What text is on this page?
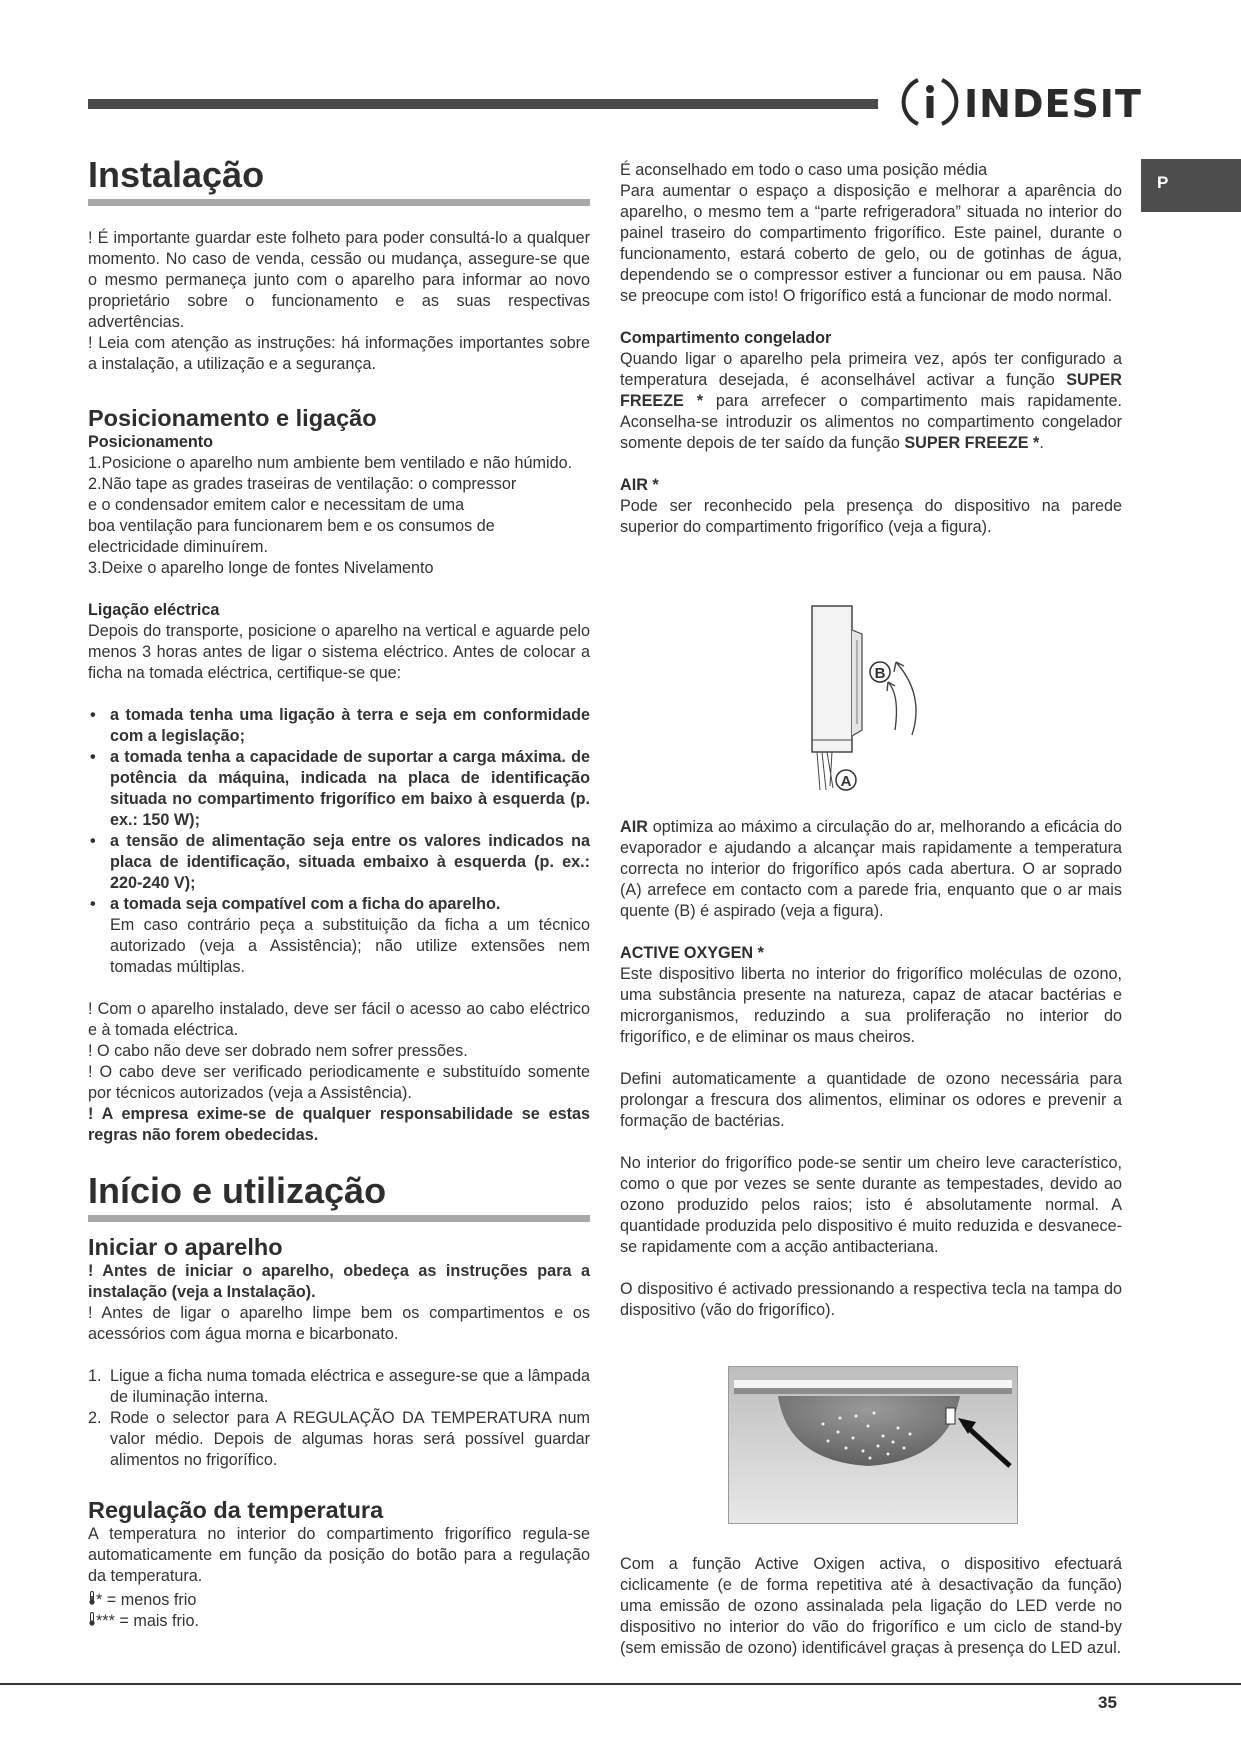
INDESIT
P
Instalação

! É importante guardar este folheto para poder consultá-lo a qualquer momento. No caso de venda, cessão ou mudança, assegure-se que o mesmo permaneça junto com o aparelho para informar ao novo proprietário sobre o funcionamento e as suas respectivas advertências.

! Leia com atenção as instruções: há informações importantes sobre a instalação, a utilização e a segurança.

Posicionamento e ligação
Posicionamento

1.Posicione o aparelho num ambiente bem ventilado e não húmido.

2.Não tape as grades traseiras de ventilação: o compressor

e o condensador emitem calor e necessitam de uma

boa ventilação para funcionarem bem e os consumos de

electricidade diminuírem.

3.Deixe o aparelho longe de fontes Nivelamento

Ligação eléctrica

Depois do transporte, posicione o aparelho na vertical e aguarde pelo menos 3 horas antes de ligar o sistema eléctrico. Antes de colocar a ficha na tomada eléctrica, certifique-se que:

• a tomada tenha uma ligação à terra e seja em conformidade com a legislação;
• a tomada tenha a capacidade de suportar a carga máxima. de potência da máquina, indicada na placa de identificação situada no compartimento frigorífico em baixo à esquerda (p. ex.: 150 W);
• a tensão de alimentação seja entre os valores indicados na placa de identificação, situada embaixo à esquerda (p. ex.: 220-240 V);
• a tomada seja compatível com a ficha do aparelho.
Em caso contrário peça a substituição da ficha a um técnico autorizado (veja a Assistência); não utilize extensões nem tomadas múltiplas.

! Com o aparelho instalado, deve ser fácil o acesso ao cabo eléctrico e à tomada eléctrica.

! O cabo não deve ser dobrado nem sofrer pressões.

! O cabo deve ser verificado periodicamente e substituído somente por técnicos autorizados (veja a Assistência).

! A empresa exime-se de qualquer responsabilidade se estas regras não forem obedecidas.

Início e utilização
Iniciar o aparelho

! Antes de iniciar o aparelho, obedeça as instruções para a instalação (veja a Instalação).

! Antes de ligar o aparelho limpe bem os compartimentos e os acessórios com água morna e bicarbonato.

1. Ligue a ficha numa tomada eléctrica e assegure-se que a lâmpada de iluminação interna.
2. Rode o selector para A REGULAÇÃO DA TEMPERATURA num valor médio. Depois de algumas horas será possível guardar alimentos no frigorífico.
Regulação da temperatura

A temperatura no interior do compartimento frigorífico regula-se automaticamente em função da posição do botão para a regulação da temperatura.

* = menos frio

*** = mais frio.

É aconselhado em todo o caso uma posição média

Para aumentar o espaço a disposição e melhorar a aparência do aparelho, o mesmo tem a “parte refrigeradora” situada no interior do painel traseiro do compartimento frigorífico. Este painel, durante o funcionamento, estará coberto de gelo, ou de gotinhas de água, dependendo se o compressor estiver a funcionar ou em pausa. Não se preocupe com isto! O frigorífico está a funcionar de modo normal.

Compartimento congelador

Quando ligar o aparelho pela primeira vez, após ter configurado a temperatura desejada, é aconselhável activar a função SUPER FREEZE * para arrefecer o compartimento mais rapidamente. Aconselha-se introduzir os alimentos no compartimento congelador somente depois de ter saído da função SUPER FREEZE *.

AIR *

Pode ser reconhecido pela presença do dispositivo na parede superior do compartimento frigorífico (veja a figura).

B
A

AIR optimiza ao máximo a circulação do ar, melhorando a eficácia do evaporador e ajudando a alcançar mais rapidamente a temperatura correcta no interior do frigorífico após cada abertura. O ar soprado (A) arrefece em contacto com a parede fria, enquanto que o ar mais quente (B) é aspirado (veja a figura).

ACTIVE OXYGEN *

Este dispositivo liberta no interior do frigorífico moléculas de ozono, uma substância presente na natureza, capaz de atacar bactérias e microrganismos, reduzindo a sua proliferação no interior do frigorífico, e de eliminar os maus cheiros.

Defini automaticamente a quantidade de ozono necessária para prolongar a frescura dos alimentos, eliminar os odores e prevenir a formação de bactérias.

No interior do frigorífico pode-se sentir um cheiro leve característico, como o que por vezes se sente durante as tempestades, devido ao ozono produzido pelos raios; isto é absolutamente normal. A quantidade produzida pelo dispositivo é muito reduzida e desvanece-se rapidamente com a acção antibacteriana.

O dispositivo é activado pressionando a respectiva tecla na tampa do dispositivo (vão do frigorífico).

Com a função Active Oxigen activa, o dispositivo efectuará ciclicamente (e de forma repetitiva até à desactivação da função) uma emissão de ozono assinalada pela ligação do LED verde no dispositivo no interior do vão do frigorífico e um ciclo de stand-by (sem emissão de ozono) identificável graças à presença do LED azul.

35
